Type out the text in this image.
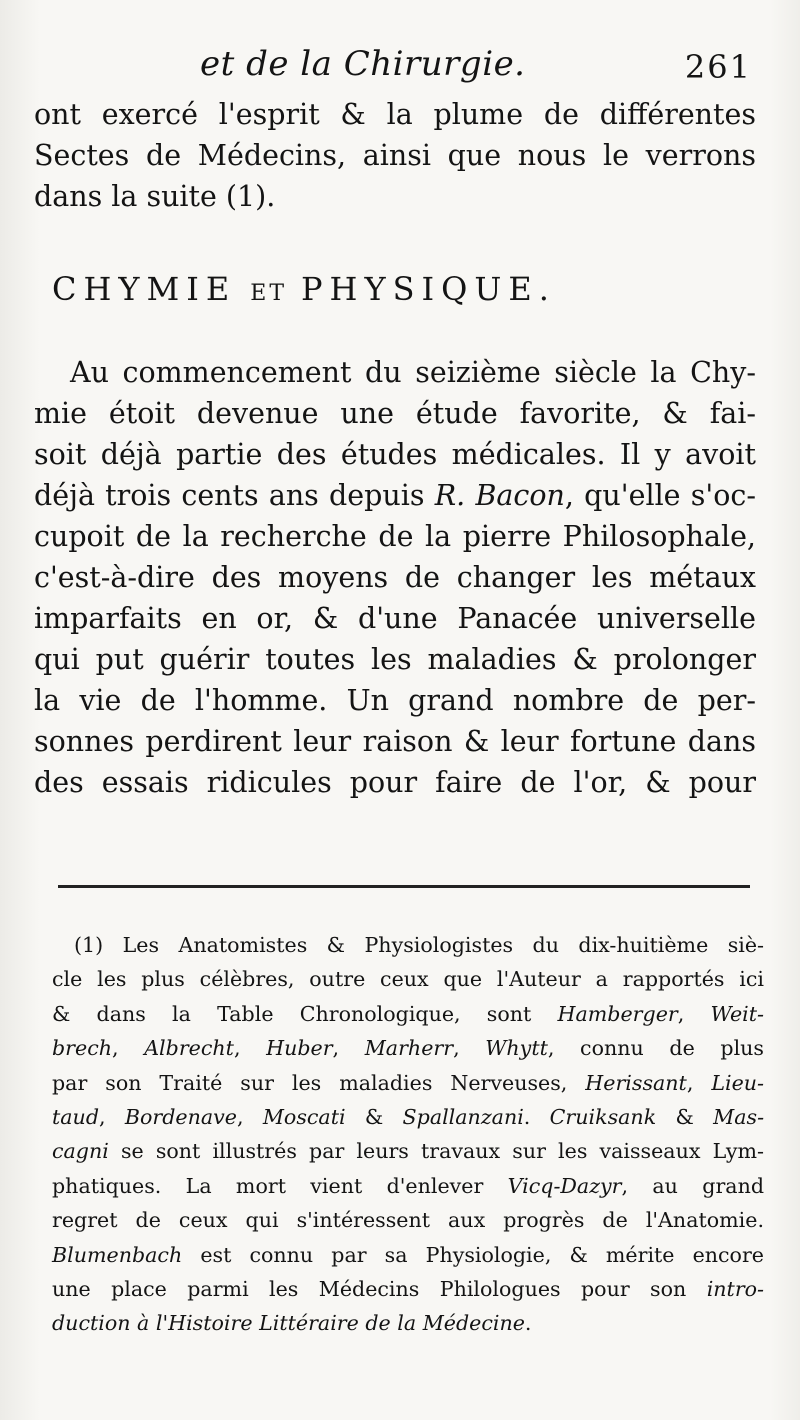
et de la Chirurgie.	261
ont exercé l'esprit & la plume de différentes
Sectes de Médecins, ainsi que nous le verrons
dans la suite (1).
CHYMIE ET PHYSIQUE.
Au commencement du seizième siècle la Chy-
mie étoit devenue une étude favorite, & fai-
soit déjà partie des études médicales. Il y avoit
déjà trois cents ans depuis R. Bacon, qu'elle s'oc-
cupoit de la recherche de la pierre Philosophale,
c'est-à-dire des moyens de changer les métaux
imparfaits en or, & d'une Panacée universelle
qui put guérir toutes les maladies & prolonger
la vie de l'homme. Un grand nombre de per-
sonnes perdirent leur raison & leur fortune dans
des essais ridicules pour faire de l'or, & pour
(1) Les Anatomistes & Physiologistes du dix-huitième siè-
cle les plus célèbres, outre ceux que l'Auteur a rapportés ici
& dans la Table Chronologique, sont Hamberger, Weit-
brech, Albrecht, Huber, Marherr, Whytt, connu de plus
par son Traité sur les maladies Nerveuses, Herissant, Lieu-
taud, Bordenave, Moscati & Spallanzani. Cruiksank & Mas-
cagni se sont illustrés par leurs travaux sur les vaisseaux Lym-
phatiques. La mort vient d'enlever Vicq-Dazyr, au grand
regret de ceux qui s'intéressent aux progrès de l'Anatomie.
Blumenbach est connu par sa Physiologie, & mérite encore
une place parmi les Médecins Philologues pour son intro-
duction à l'Histoire Littéraire de la Médecine.
